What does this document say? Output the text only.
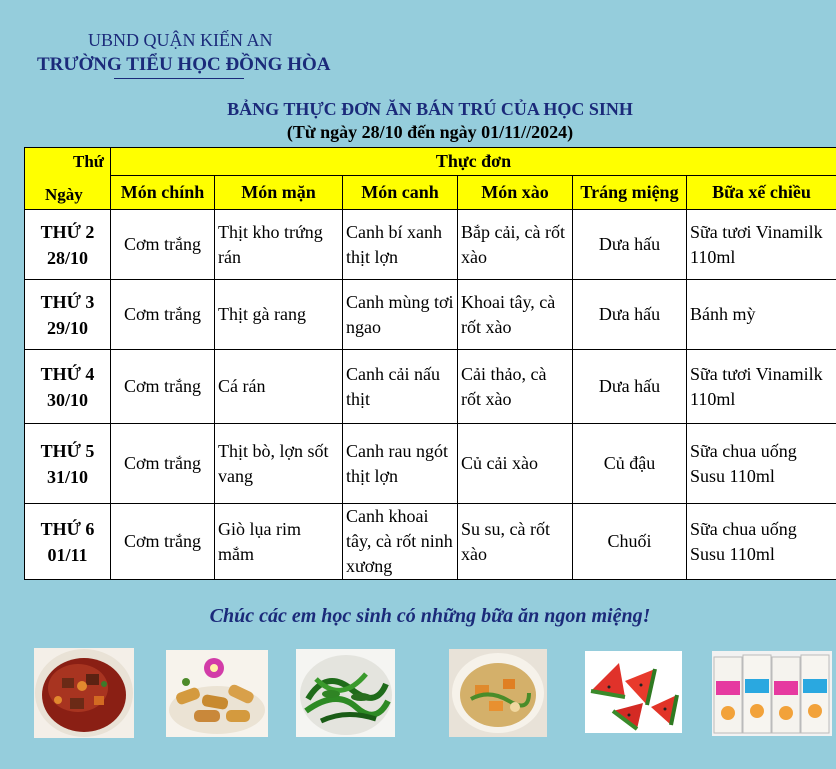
UBND QUẬN KIẾN AN
TRƯỜNG TIỂU HỌC ĐỒNG HÒA
BẢNG THỰC ĐƠN ĂN BÁN TRÚ CỦA HỌC SINH
(Từ ngày 28/10 đến ngày 01/11//2024)
Thứ
Ngày	Thực đơn					
	Món chính	Món mặn	Món canh	Món xào	Tráng miệng	Bữa xế chiều

THỨ 2
28/10	Cơm trắng	Thịt kho trứng rán	Canh bí xanh thịt lợn	Bắp cải, cà rốt xào	Dưa hấu	Sữa tươi Vinamilk 110ml

THỨ 3
29/10	Cơm trắng	Thịt gà rang	Canh mùng tơi ngao	Khoai tây, cà rốt xào	Dưa hấu	Bánh mỳ

THỨ 4
30/10	Cơm trắng	Cá rán	Canh cải nấu thịt	Cải thảo, cà rốt xào	Dưa hấu	Sữa tươi Vinamilk 110ml

THỨ 5
31/10	Cơm trắng	Thịt bò, lợn sốt vang	Canh rau ngót thịt lợn	Củ cải xào	Củ đậu	Sữa chua uống Susu 110ml

THỨ 6
01/11	Cơm trắng	Giò lụa rim mắm	Canh khoai tây, cà rốt ninh xương	Su su, cà rốt xào	Chuối	Sữa chua uống Susu 110ml
Chúc các em học sinh có những bữa ăn ngon miệng!
